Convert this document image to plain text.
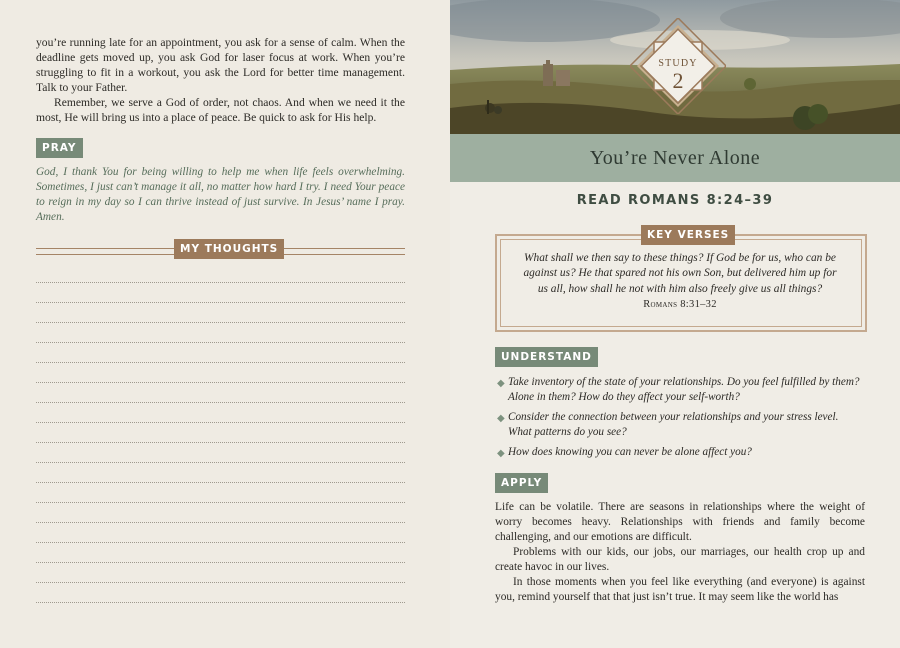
you’re running late for an appointment, you ask for a sense of calm. When the deadline gets moved up, you ask God for laser focus at work. When you’re struggling to fit in a workout, you ask the Lord for better time management. Talk to your Father.

Remember, we serve a God of order, not chaos. And when we need it the most, He will bring us into a place of peace. Be quick to ask for His help.

PRAY

God, I thank You for being willing to help me when life feels overwhelming. Sometimes, I just can’t manage it all, no matter how hard I try. I need Your peace to reign in my day so I can thrive instead of just survive. In Jesus’ name I pray. Amen.

MY THOUGHTS
STUDY
2
You’re Never Alone
READ ROMANS 8:24–39
KEY VERSES

What shall we then say to these things? If God be for us, who can be against us? He that spared not his own Son, but delivered him up for us all, how shall he not with him also freely give us all things? Romans 8:31–32

UNDERSTAND
◆ Take inventory of the state of your relationships. Do you feel fulfilled by them? Alone in them? How do they affect your self-worth?
◆ Consider the connection between your relationships and your stress level. What patterns do you see?
◆ How does knowing you can never be alone affect you?
APPLY
Life can be volatile. There are seasons in relationships where the weight of worry becomes heavy. Relationships with friends and family become challenging, and our emotions are difficult.
Problems with our kids, our jobs, our marriages, our health crop up and create havoc in our lives.
In those moments when you feel like everything (and everyone) is against you, remind yourself that that just isn’t true. It may seem like the world has
